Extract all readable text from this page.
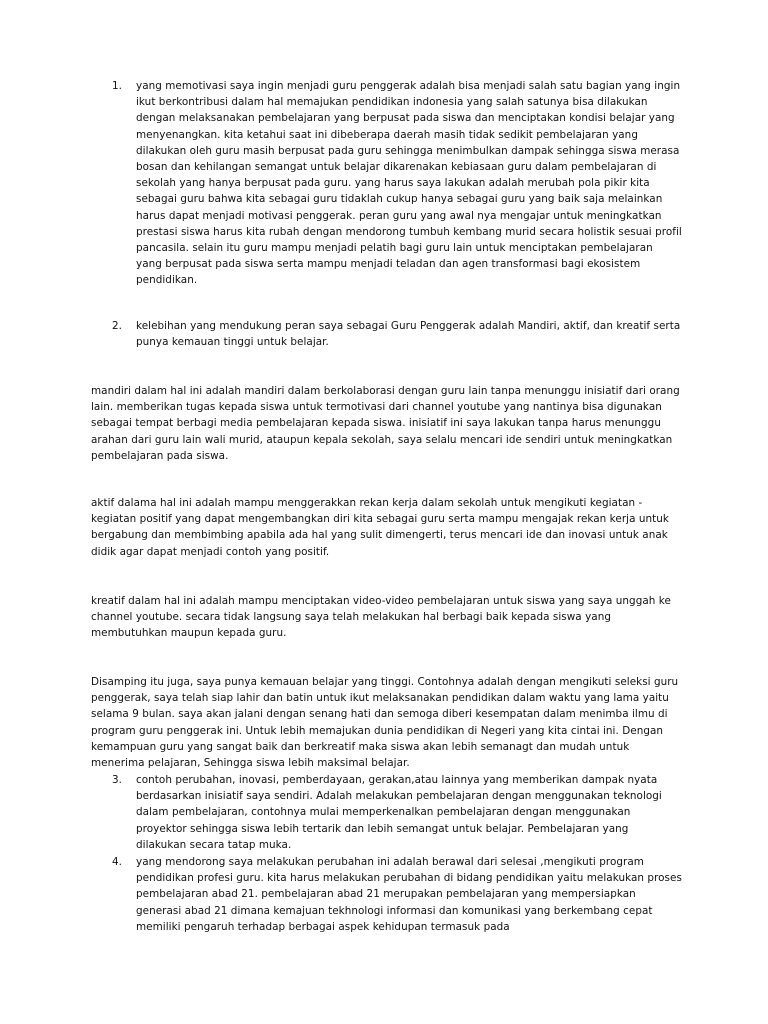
1.	yang memotivasi saya ingin menjadi guru penggerak adalah bisa menjadi salah satu bagian yang ingin ikut berkontribusi dalam hal memajukan pendidikan indonesia yang salah satunya bisa dilakukan dengan melaksanakan pembelajaran yang berpusat pada siswa dan menciptakan kondisi belajar yang menyenangkan. kita ketahui saat ini dibeberapa daerah masih tidak sedikit pembelajaran yang dilakukan oleh guru masih berpusat pada guru sehingga menimbulkan dampak sehingga siswa merasa bosan dan kehilangan semangat untuk belajar dikarenakan kebiasaan guru dalam pembelajaran di sekolah yang hanya berpusat pada guru. yang harus saya lakukan adalah merubah pola pikir kita sebagai guru bahwa kita sebagai guru tidaklah cukup hanya sebagai guru yang baik saja melainkan harus dapat menjadi motivasi penggerak. peran guru yang awal nya mengajar untuk meningkatkan prestasi siswa harus kita rubah dengan mendorong tumbuh kembang murid secara holistik sesuai profil pancasila. selain itu guru mampu menjadi pelatih bagi guru lain untuk menciptakan pembelajaran yang berpusat pada siswa serta mampu menjadi teladan dan agen transformasi bagi ekosistem pendidikan.

2.	kelebihan yang mendukung peran saya sebagai Guru Penggerak adalah Mandiri, aktif, dan kreatif serta punya kemauan tinggi untuk belajar.

mandiri dalam hal ini adalah mandiri dalam berkolaborasi dengan guru lain tanpa menunggu inisiatif dari orang lain. memberikan tugas kepada siswa untuk termotivasi dari channel youtube yang nantinya bisa digunakan sebagai tempat berbagi media pembelajaran kepada siswa. inisiatif ini saya lakukan tanpa harus menunggu arahan dari guru lain wali murid, ataupun kepala sekolah, saya selalu mencari ide sendiri untuk meningkatkan pembelajaran pada siswa.

aktif dalama hal ini adalah mampu menggerakkan rekan kerja dalam sekolah untuk mengikuti kegiatan - kegiatan positif yang dapat mengembangkan diri kita sebagai guru serta mampu mengajak rekan kerja untuk bergabung dan membimbing apabila ada hal yang sulit dimengerti, terus mencari ide dan inovasi untuk anak didik agar dapat menjadi contoh yang positif.

kreatif dalam hal ini adalah mampu menciptakan video-video pembelajaran untuk siswa yang saya unggah ke channel youtube. secara tidak langsung saya telah melakukan hal berbagi baik kepada siswa yang membutuhkan maupun kepada guru.

Disamping itu juga, saya punya kemauan belajar yang tinggi. Contohnya adalah dengan mengikuti seleksi guru penggerak, saya telah siap lahir dan batin untuk ikut melaksanakan pendidikan dalam waktu yang lama yaitu selama 9 bulan. saya akan jalani dengan senang hati dan semoga diberi kesempatan dalam menimba ilmu di program guru penggerak ini. Untuk lebih memajukan dunia pendidikan di Negeri yang kita cintai ini. Dengan kemampuan guru yang sangat baik dan berkreatif maka siswa akan lebih semanagt dan mudah untuk menerima pelajaran, Sehingga siswa lebih maksimal belajar.

3.	contoh perubahan, inovasi, pemberdayaan, gerakan,atau lainnya yang memberikan dampak nyata berdasarkan inisiatif saya sendiri. Adalah melakukan pembelajaran dengan menggunakan teknologi dalam pembelajaran, contohnya mulai memperkenalkan pembelajaran dengan menggunakan proyektor sehingga siswa lebih tertarik dan lebih semangat untuk belajar. Pembelajaran yang dilakukan secara tatap muka.

4.	yang mendorong saya melakukan perubahan ini adalah berawal dari selesai ,mengikuti program pendidikan profesi guru. kita harus melakukan perubahan di bidang pendidikan yaitu melakukan proses pembelajaran abad 21. pembelajaran abad 21 merupakan pembelajaran yang mempersiapkan generasi abad 21 dimana kemajuan tekhnologi informasi dan komunikasi yang berkembang cepat memiliki pengaruh terhadap berbagai aspek kehidupan termasuk pada
